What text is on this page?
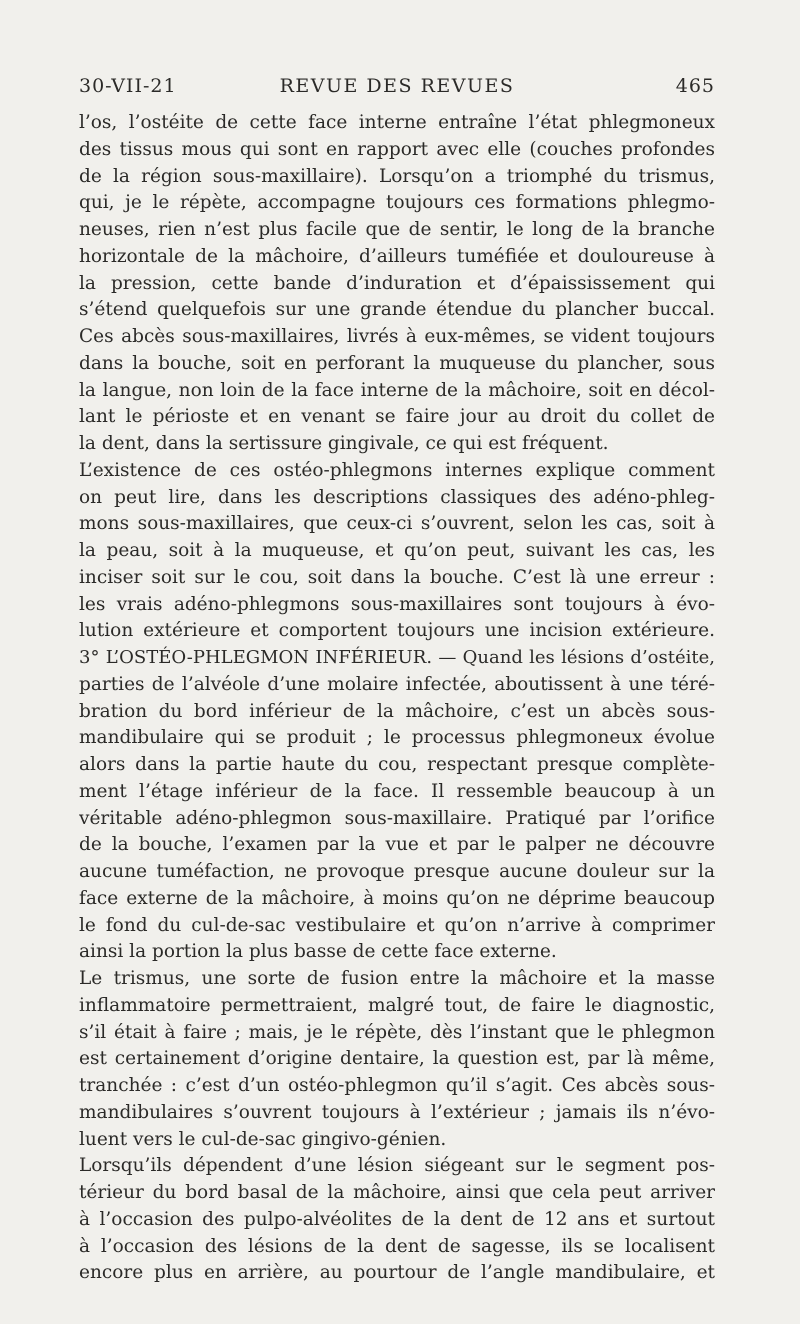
30-VII-21	REVUE DES REVUES	465
l’os, l’ostéite de cette face interne entraîne l’état phlegmoneux
des tissus mous qui sont en rapport avec elle (couches profondes
de la région sous-maxillaire). Lorsqu’on a triomphé du trismus,
qui, je le répète, accompagne toujours ces formations phlegmo-
neuses, rien n’est plus facile que de sentir, le long de la branche
horizontale de la mâchoire, d’ailleurs tuméfiée et douloureuse à
la pression, cette bande d’induration et d’épaississement qui
s’étend quelquefois sur une grande étendue du plancher buccal.
Ces abcès sous-maxillaires, livrés à eux-mêmes, se vident toujours
dans la bouche, soit en perforant la muqueuse du plancher, sous
la langue, non loin de la face interne de la mâchoire, soit en décol-
lant le périoste et en venant se faire jour au droit du collet de
la dent, dans la sertissure gingivale, ce qui est fréquent.
L’existence de ces ostéo-phlegmons internes explique comment
on peut lire, dans les descriptions classiques des adéno-phleg-
mons sous-maxillaires, que ceux-ci s’ouvrent, selon les cas, soit à
la peau, soit à la muqueuse, et qu’on peut, suivant les cas, les
inciser soit sur le cou, soit dans la bouche. C’est là une erreur :
les vrais adéno-phlegmons sous-maxillaires sont toujours à évo-
lution extérieure et comportent toujours une incision extérieure.
3° L’OSTÉO-PHLEGMON INFÉRIEUR. — Quand les lésions d’ostéite,
parties de l’alvéole d’une molaire infectée, aboutissent à une téré-
bration du bord inférieur de la mâchoire, c’est un abcès sous-
mandibulaire qui se produit ; le processus phlegmoneux évolue
alors dans la partie haute du cou, respectant presque complète-
ment l’étage inférieur de la face. Il ressemble beaucoup à un
véritable adéno-phlegmon sous-maxillaire. Pratiqué par l’orifice
de la bouche, l’examen par la vue et par le palper ne découvre
aucune tuméfaction, ne provoque presque aucune douleur sur la
face externe de la mâchoire, à moins qu’on ne déprime beaucoup
le fond du cul-de-sac vestibulaire et qu’on n’arrive à comprimer
ainsi la portion la plus basse de cette face externe.
Le trismus, une sorte de fusion entre la mâchoire et la masse
inflammatoire permettraient, malgré tout, de faire le diagnostic,
s’il était à faire ; mais, je le répète, dès l’instant que le phlegmon
est certainement d’origine dentaire, la question est, par là même,
tranchée : c’est d’un ostéo-phlegmon qu’il s’agit. Ces abcès sous-
mandibulaires s’ouvrent toujours à l’extérieur ; jamais ils n’évo-
luent vers le cul-de-sac gingivo-génien.
Lorsqu’ils dépendent d’une lésion siégeant sur le segment pos-
térieur du bord basal de la mâchoire, ainsi que cela peut arriver
à l’occasion des pulpo-alvéolites de la dent de 12 ans et surtout
à l’occasion des lésions de la dent de sagesse, ils se localisent
encore plus en arrière, au pourtour de l’angle mandibulaire, et
